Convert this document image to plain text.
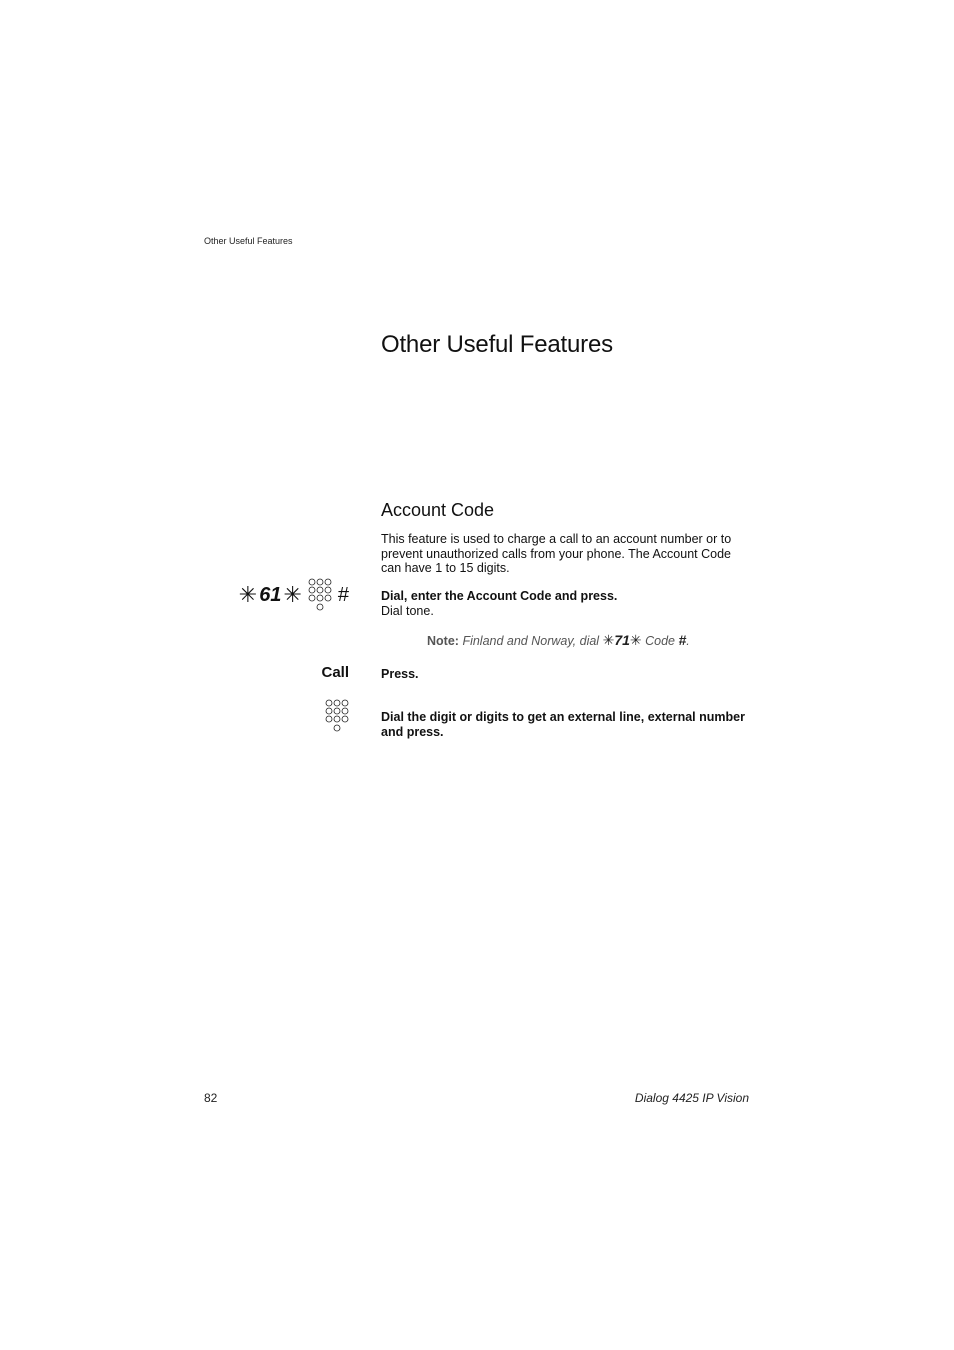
Other Useful Features
Other Useful Features
Account Code
This feature is used to charge a call to an account number or to prevent unauthorized calls from your phone. The Account Code can have 1 to 15 digits.
✳ 61 ✳ #	Dial, enter the Account Code and press.
Dial tone.
Note: Finland and Norway, dial ✳71✳ Code #.
Call	Press.
Dial the digit or digits to get an external line, external number and press.
82	Dialog 4425 IP Vision
